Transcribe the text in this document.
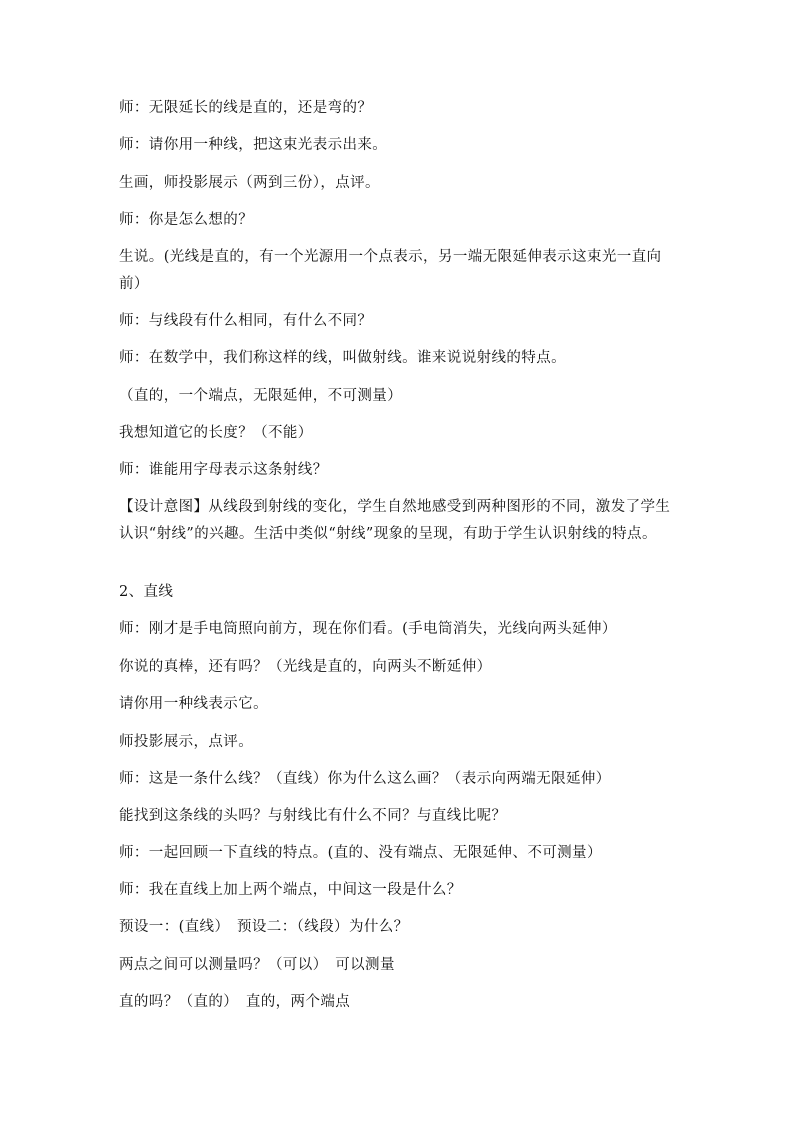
师：无限延长的线是直的，还是弯的？

师：请你用一种线，把这束光表示出来。

生画，师投影展示（两到三份），点评。

师：你是怎么想的？

生说。(光线是直的，有一个光源用一个点表示，另一端无限延伸表示这束光一直向前）

师：与线段有什么相同，有什么不同？

师：在数学中，我们称这样的线，叫做射线。谁来说说射线的特点。

（直的，一个端点，无限延伸，不可测量）

我想知道它的长度？（不能）

师：谁能用字母表示这条射线？

【设计意图】从线段到射线的变化，学生自然地感受到两种图形的不同，激发了学生认识“射线”的兴趣。生活中类似“射线”现象的呈现，有助于学生认识射线的特点。

2、直线

师：刚才是手电筒照向前方，现在你们看。(手电筒消失，光线向两头延伸）

你说的真棒，还有吗？（光线是直的，向两头不断延伸）

请你用一种线表示它。

师投影展示，点评。

师：这是一条什么线？（直线）你为什么这么画？（表示向两端无限延伸）

能找到这条线的头吗？与射线比有什么不同？与直线比呢？

师：一起回顾一下直线的特点。(直的、没有端点、无限延伸、不可测量）

师：我在直线上加上两个端点，中间这一段是什么？

预设一：(直线）　预设二：（线段）为什么？

两点之间可以测量吗？（可以）　可以测量

直的吗？（直的）　直的，两个端点
